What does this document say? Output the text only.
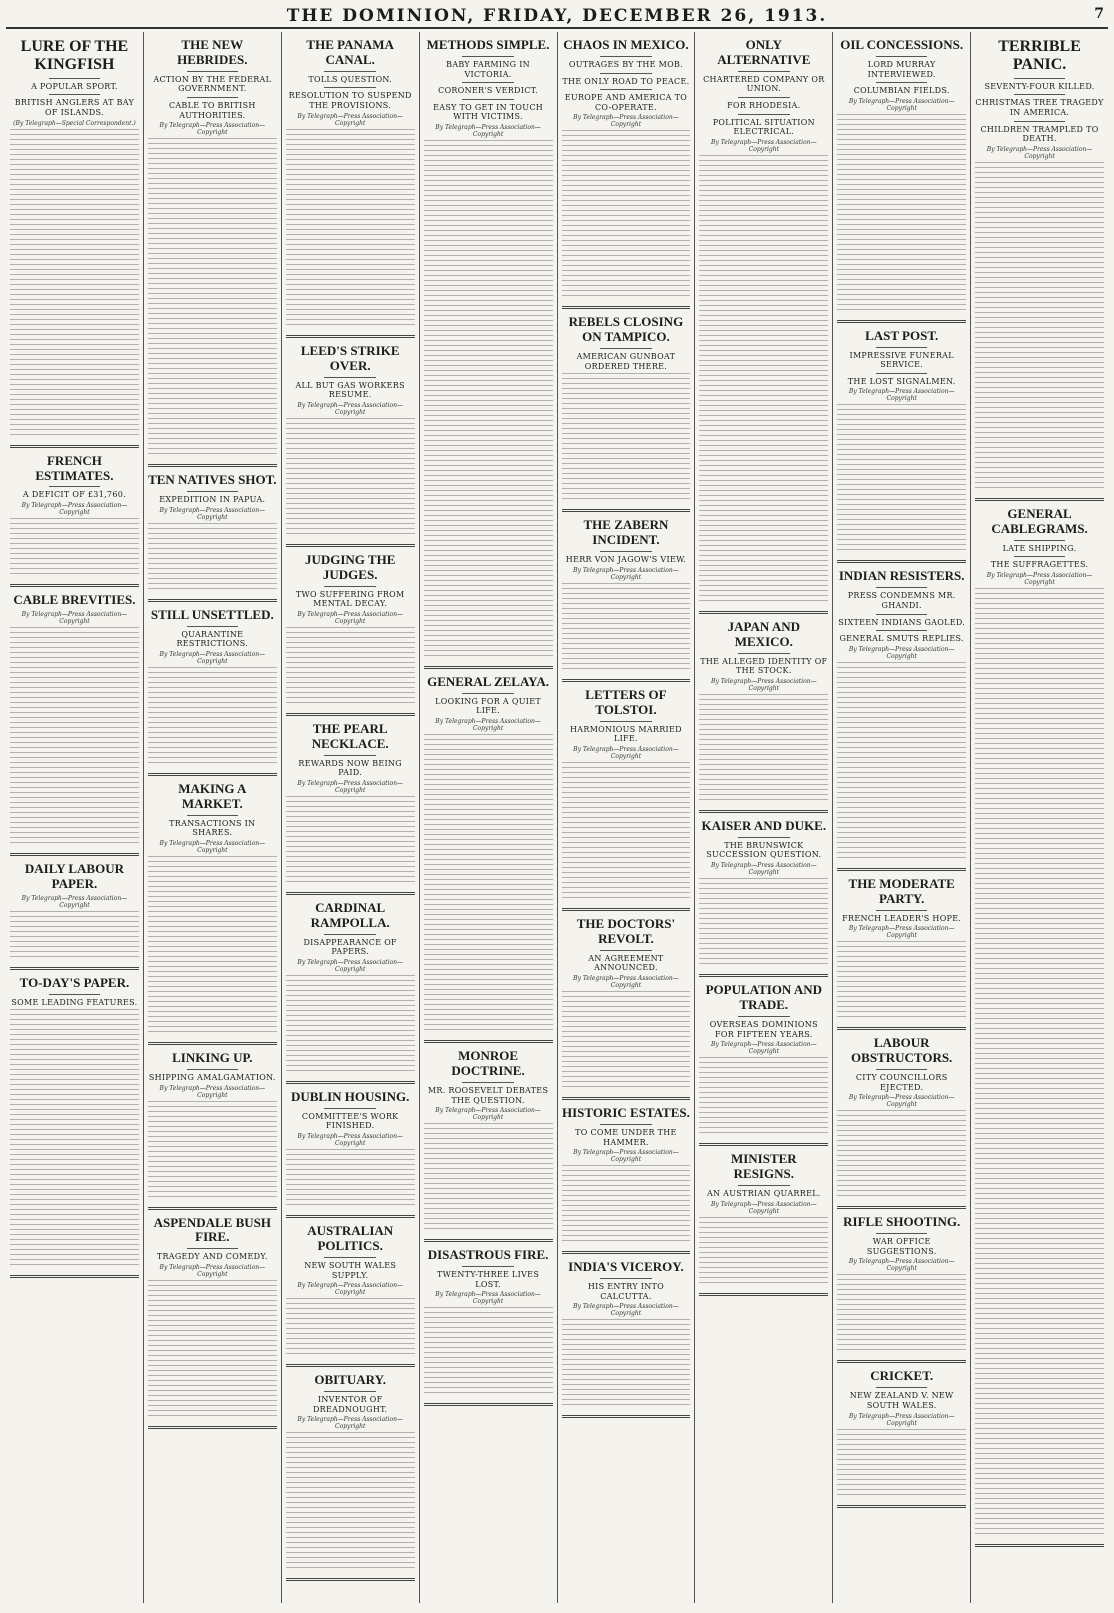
THE DOMINION, FRIDAY, DECEMBER 26, 1913.	7
LURE OF THE KINGFISH
A POPULAR SPORT.
BRITISH ANGLERS AT BAY OF ISLANDS.
(By Telegraph—Special Correspondent.)
FRENCH ESTIMATES.
A DEFICIT OF £31,760.
By Telegraph—Press Association—Copyright
CABLE BREVITIES.
By Telegraph—Press Association—Copyright
DAILY LABOUR PAPER.
By Telegraph—Press Association—Copyright
TO-DAY'S PAPER.
SOME LEADING FEATURES.
THE NEW HEBRIDES.
ACTION BY THE FEDERAL GOVERNMENT.
CABLE TO BRITISH AUTHORITIES.
By Telegraph—Press Association—Copyright
TEN NATIVES SHOT.
EXPEDITION IN PAPUA.
By Telegraph—Press Association—Copyright
STILL UNSETTLED.
QUARANTINE RESTRICTIONS.
By Telegraph—Press Association—Copyright
MAKING A MARKET.
TRANSACTIONS IN SHARES.
By Telegraph—Press Association—Copyright
LINKING UP.
SHIPPING AMALGAMATION.
By Telegraph—Press Association—Copyright
ASPENDALE BUSH FIRE.
TRAGEDY AND COMEDY.
By Telegraph—Press Association—Copyright
THE PANAMA CANAL.
TOLLS QUESTION.
RESOLUTION TO SUSPEND THE PROVISIONS.
By Telegraph—Press Association—Copyright
LEED'S STRIKE OVER.
ALL BUT GAS WORKERS RESUME.
By Telegraph—Press Association—Copyright
JUDGING THE JUDGES.
TWO SUFFERING FROM MENTAL DECAY.
By Telegraph—Press Association—Copyright
THE PEARL NECKLACE.
REWARDS NOW BEING PAID.
By Telegraph—Press Association—Copyright
CARDINAL RAMPOLLA.
DISAPPEARANCE OF PAPERS.
By Telegraph—Press Association—Copyright
DUBLIN HOUSING.
COMMITTEE'S WORK FINISHED.
By Telegraph—Press Association—Copyright
AUSTRALIAN POLITICS.
NEW SOUTH WALES SUPPLY.
By Telegraph—Press Association—Copyright
OBITUARY.
INVENTOR OF DREADNOUGHT.
By Telegraph—Press Association—Copyright
METHODS SIMPLE.
BABY FARMING IN VICTORIA.
CORONER'S VERDICT.
EASY TO GET IN TOUCH WITH VICTIMS.
By Telegraph—Press Association—Copyright
GENERAL ZELAYA.
LOOKING FOR A QUIET LIFE.
By Telegraph—Press Association—Copyright
MONROE DOCTRINE.
MR. ROOSEVELT DEBATES THE QUESTION.
By Telegraph—Press Association—Copyright
DISASTROUS FIRE.
TWENTY-THREE LIVES LOST.
By Telegraph—Press Association—Copyright
CHAOS IN MEXICO.
OUTRAGES BY THE MOB.
THE ONLY ROAD TO PEACE.
EUROPE AND AMERICA TO CO-OPERATE.
By Telegraph—Press Association—Copyright
REBELS CLOSING ON TAMPICO.
AMERICAN GUNBOAT ORDERED THERE.
THE ZABERN INCIDENT.
HERR VON JAGOW'S VIEW.
By Telegraph—Press Association—Copyright
LETTERS OF TOLSTOI.
HARMONIOUS MARRIED LIFE.
By Telegraph—Press Association—Copyright
THE DOCTORS' REVOLT.
AN AGREEMENT ANNOUNCED.
By Telegraph—Press Association—Copyright
HISTORIC ESTATES.
TO COME UNDER THE HAMMER.
By Telegraph—Press Association—Copyright
INDIA'S VICEROY.
HIS ENTRY INTO CALCUTTA.
By Telegraph—Press Association—Copyright
ONLY ALTERNATIVE
CHARTERED COMPANY OR UNION.
FOR RHODESIA.
POLITICAL SITUATION ELECTRICAL.
By Telegraph—Press Association—Copyright
JAPAN AND MEXICO.
THE ALLEGED IDENTITY OF THE STOCK.
By Telegraph—Press Association—Copyright
KAISER AND DUKE.
THE BRUNSWICK SUCCESSION QUESTION.
By Telegraph—Press Association—Copyright
POPULATION AND TRADE.
OVERSEAS DOMINIONS FOR FIFTEEN YEARS.
By Telegraph—Press Association—Copyright
MINISTER RESIGNS.
AN AUSTRIAN QUARREL.
By Telegraph—Press Association—Copyright
OIL CONCESSIONS.
LORD MURRAY INTERVIEWED.
COLUMBIAN FIELDS.
By Telegraph—Press Association—Copyright
LAST POST.
IMPRESSIVE FUNERAL SERVICE.
THE LOST SIGNALMEN.
By Telegraph—Press Association—Copyright
INDIAN RESISTERS.
PRESS CONDEMNS MR. GHANDI.
SIXTEEN INDIANS GAOLED.
GENERAL SMUTS REPLIES.
By Telegraph—Press Association—Copyright
THE MODERATE PARTY.
FRENCH LEADER'S HOPE.
By Telegraph—Press Association—Copyright
LABOUR OBSTRUCTORS.
CITY COUNCILLORS EJECTED.
By Telegraph—Press Association—Copyright
RIFLE SHOOTING.
WAR OFFICE SUGGESTIONS.
By Telegraph—Press Association—Copyright
CRICKET.
NEW ZEALAND V. NEW SOUTH WALES.
By Telegraph—Press Association—Copyright
TERRIBLE PANIC.
SEVENTY-FOUR KILLED.
CHRISTMAS TREE TRAGEDY IN AMERICA.
CHILDREN TRAMPLED TO DEATH.
By Telegraph—Press Association—Copyright
GENERAL CABLEGRAMS.
LATE SHIPPING.
THE SUFFRAGETTES.
By Telegraph—Press Association—Copyright
